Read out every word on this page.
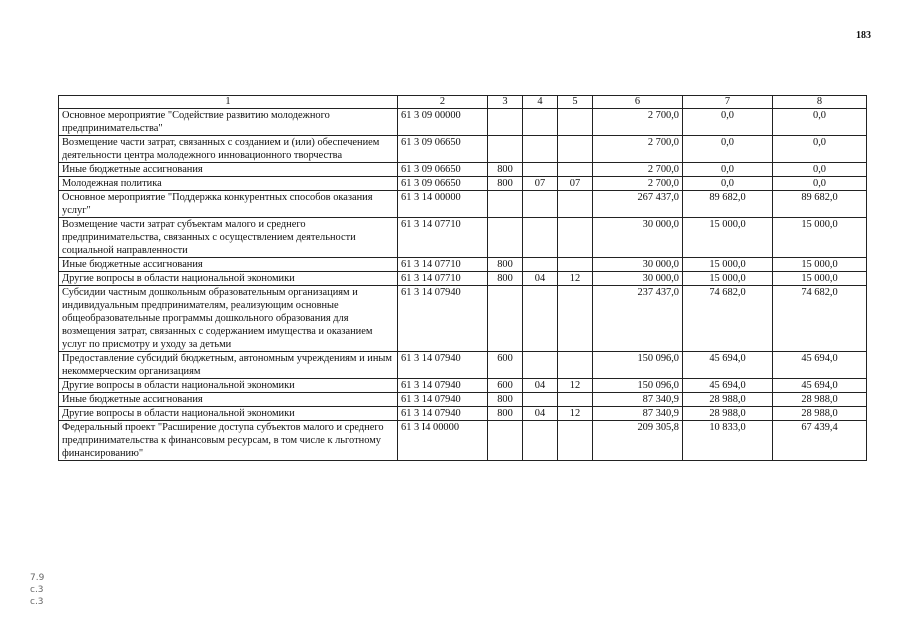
183
1	2	3	4	5	6	7	8
Основное мероприятие "Содействие развитию молодежного предпринимательства"	61 3 09 00000				2 700,0	0,0	0,0
Возмещение части затрат, связанных с созданием и (или) обеспечением деятельности центра молодежного инновационного творчества	61 3 09 06650				2 700,0	0,0	0,0
Иные бюджетные ассигнования	61 3 09 06650	800			2 700,0	0,0	0,0
Молодежная политика	61 3 09 06650	800	07	07	2 700,0	0,0	0,0
Основное мероприятие "Поддержка конкурентных способов оказания услуг"	61 3 14 00000				267 437,0	89 682,0	89 682,0
Возмещение части затрат субъектам малого и среднего предпринимательства, связанных с осуществлением деятельности социальной направленности	61 3 14 07710				30 000,0	15 000,0	15 000,0
Иные бюджетные ассигнования	61 3 14 07710	800			30 000,0	15 000,0	15 000,0
Другие вопросы в области национальной экономики	61 3 14 07710	800	04	12	30 000,0	15 000,0	15 000,0
Субсидии частным дошкольным образовательным организациям и индивидуальным предпринимателям, реализующим основные общеобразовательные программы дошкольного образования для возмещения затрат, связанных с содержанием имущества и оказанием услуг по присмотру и уходу за детьми	61 3 14 07940				237 437,0	74 682,0	74 682,0
Предоставление субсидий бюджетным, автономным учреждениям и иным некоммерческим организациям	61 3 14 07940	600			150 096,0	45 694,0	45 694,0
Другие вопросы в области национальной экономики	61 3 14 07940	600	04	12	150 096,0	45 694,0	45 694,0
Иные бюджетные ассигнования	61 3 14 07940	800			87 340,9	28 988,0	28 988,0
Другие вопросы в области национальной экономики	61 3 14 07940	800	04	12	87 340,9	28 988,0	28 988,0
Федеральный проект "Расширение доступа субъектов малого и среднего предпринимательства к финансовым ресурсам, в том числе к льготному финансированию"	61 3 I4 00000				209 305,8	10 833,0	67 439,4
7.9
c.3
c.3
